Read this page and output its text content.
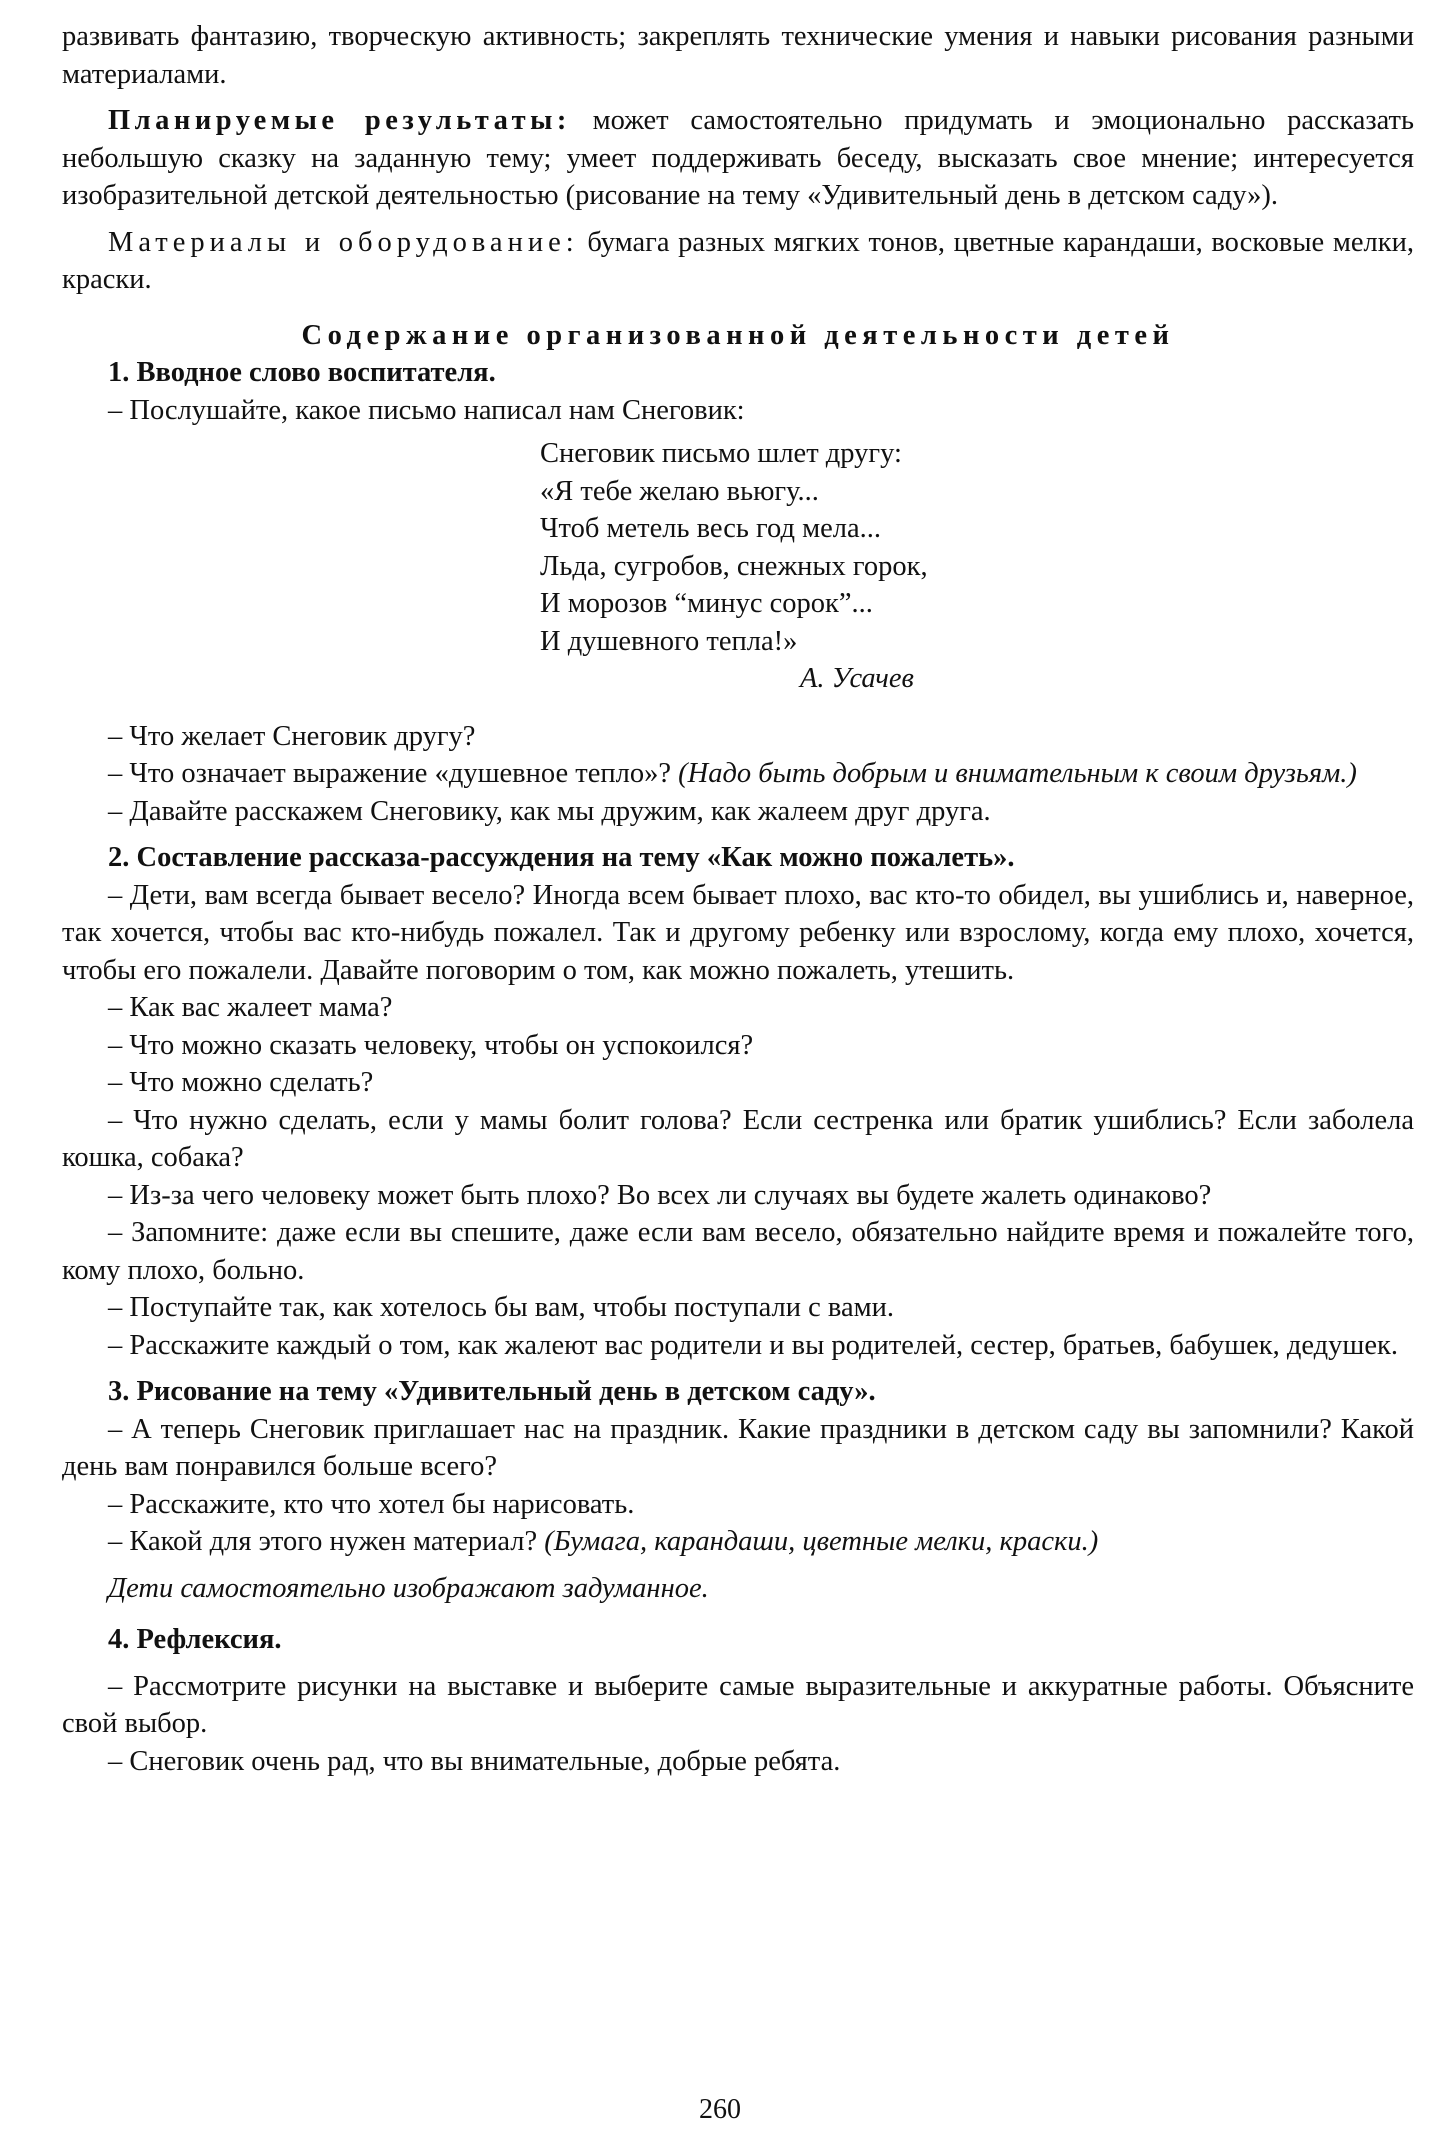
развивать фантазию, творческую активность; закреплять технические умения и навыки рисования разными материалами.

Планируемые результаты: может самостоятельно придумать и эмоционально рассказать небольшую сказку на заданную тему; умеет поддерживать беседу, высказать свое мнение; интересуется изобразительной детской деятельностью (рисование на тему «Удивительный день в детском саду»).

Материалы и оборудование: бумага разных мягких тонов, цветные карандаши, восковые мелки, краски.

Содержание организованной деятельности детей

1. Вводное слово воспитателя.

– Послушайте, какое письмо написал нам Снеговик:

Снеговик письмо шлет другу:
«Я тебе желаю вьюгу...
Чтоб метель весь год мела...
Льда, сугробов, снежных горок,
И морозов “минус сорок”...
И душевного тепла!»

А. Усачев

– Что желает Снеговик другу?

– Что означает выражение «душевное тепло»? (Надо быть добрым и внимательным к своим друзьям.)

– Давайте расскажем Снеговику, как мы дружим, как жалеем друг друга.

2. Составление рассказа-рассуждения на тему «Как можно пожалеть».

– Дети, вам всегда бывает весело? Иногда всем бывает плохо, вас кто-то обидел, вы ушиблись и, наверное, так хочется, чтобы вас кто-нибудь пожалел. Так и другому ребенку или взрослому, когда ему плохо, хочется, чтобы его пожалели. Давайте поговорим о том, как можно пожалеть, утешить.

– Как вас жалеет мама?

– Что можно сказать человеку, чтобы он успокоился?

– Что можно сделать?

– Что нужно сделать, если у мамы болит голова? Если сестренка или братик ушиблись? Если заболела кошка, собака?

– Из-за чего человеку может быть плохо? Во всех ли случаях вы будете жалеть одинаково?

– Запомните: даже если вы спешите, даже если вам весело, обязательно найдите время и пожалейте того, кому плохо, больно.

– Поступайте так, как хотелось бы вам, чтобы поступали с вами.

– Расскажите каждый о том, как жалеют вас родители и вы родителей, сестер, братьев, бабушек, дедушек.

3. Рисование на тему «Удивительный день в детском саду».

– А теперь Снеговик приглашает нас на праздник. Какие праздники в детском саду вы запомнили? Какой день вам понравился больше всего?

– Расскажите, кто что хотел бы нарисовать.

– Какой для этого нужен материал? (Бумага, карандаши, цветные мелки, краски.)

Дети самостоятельно изображают задуманное.

4. Рефлексия.

– Рассмотрите рисунки на выставке и выберите самые выразительные и аккуратные работы. Объясните свой выбор.

– Снеговик очень рад, что вы внимательные, добрые ребята.

260
